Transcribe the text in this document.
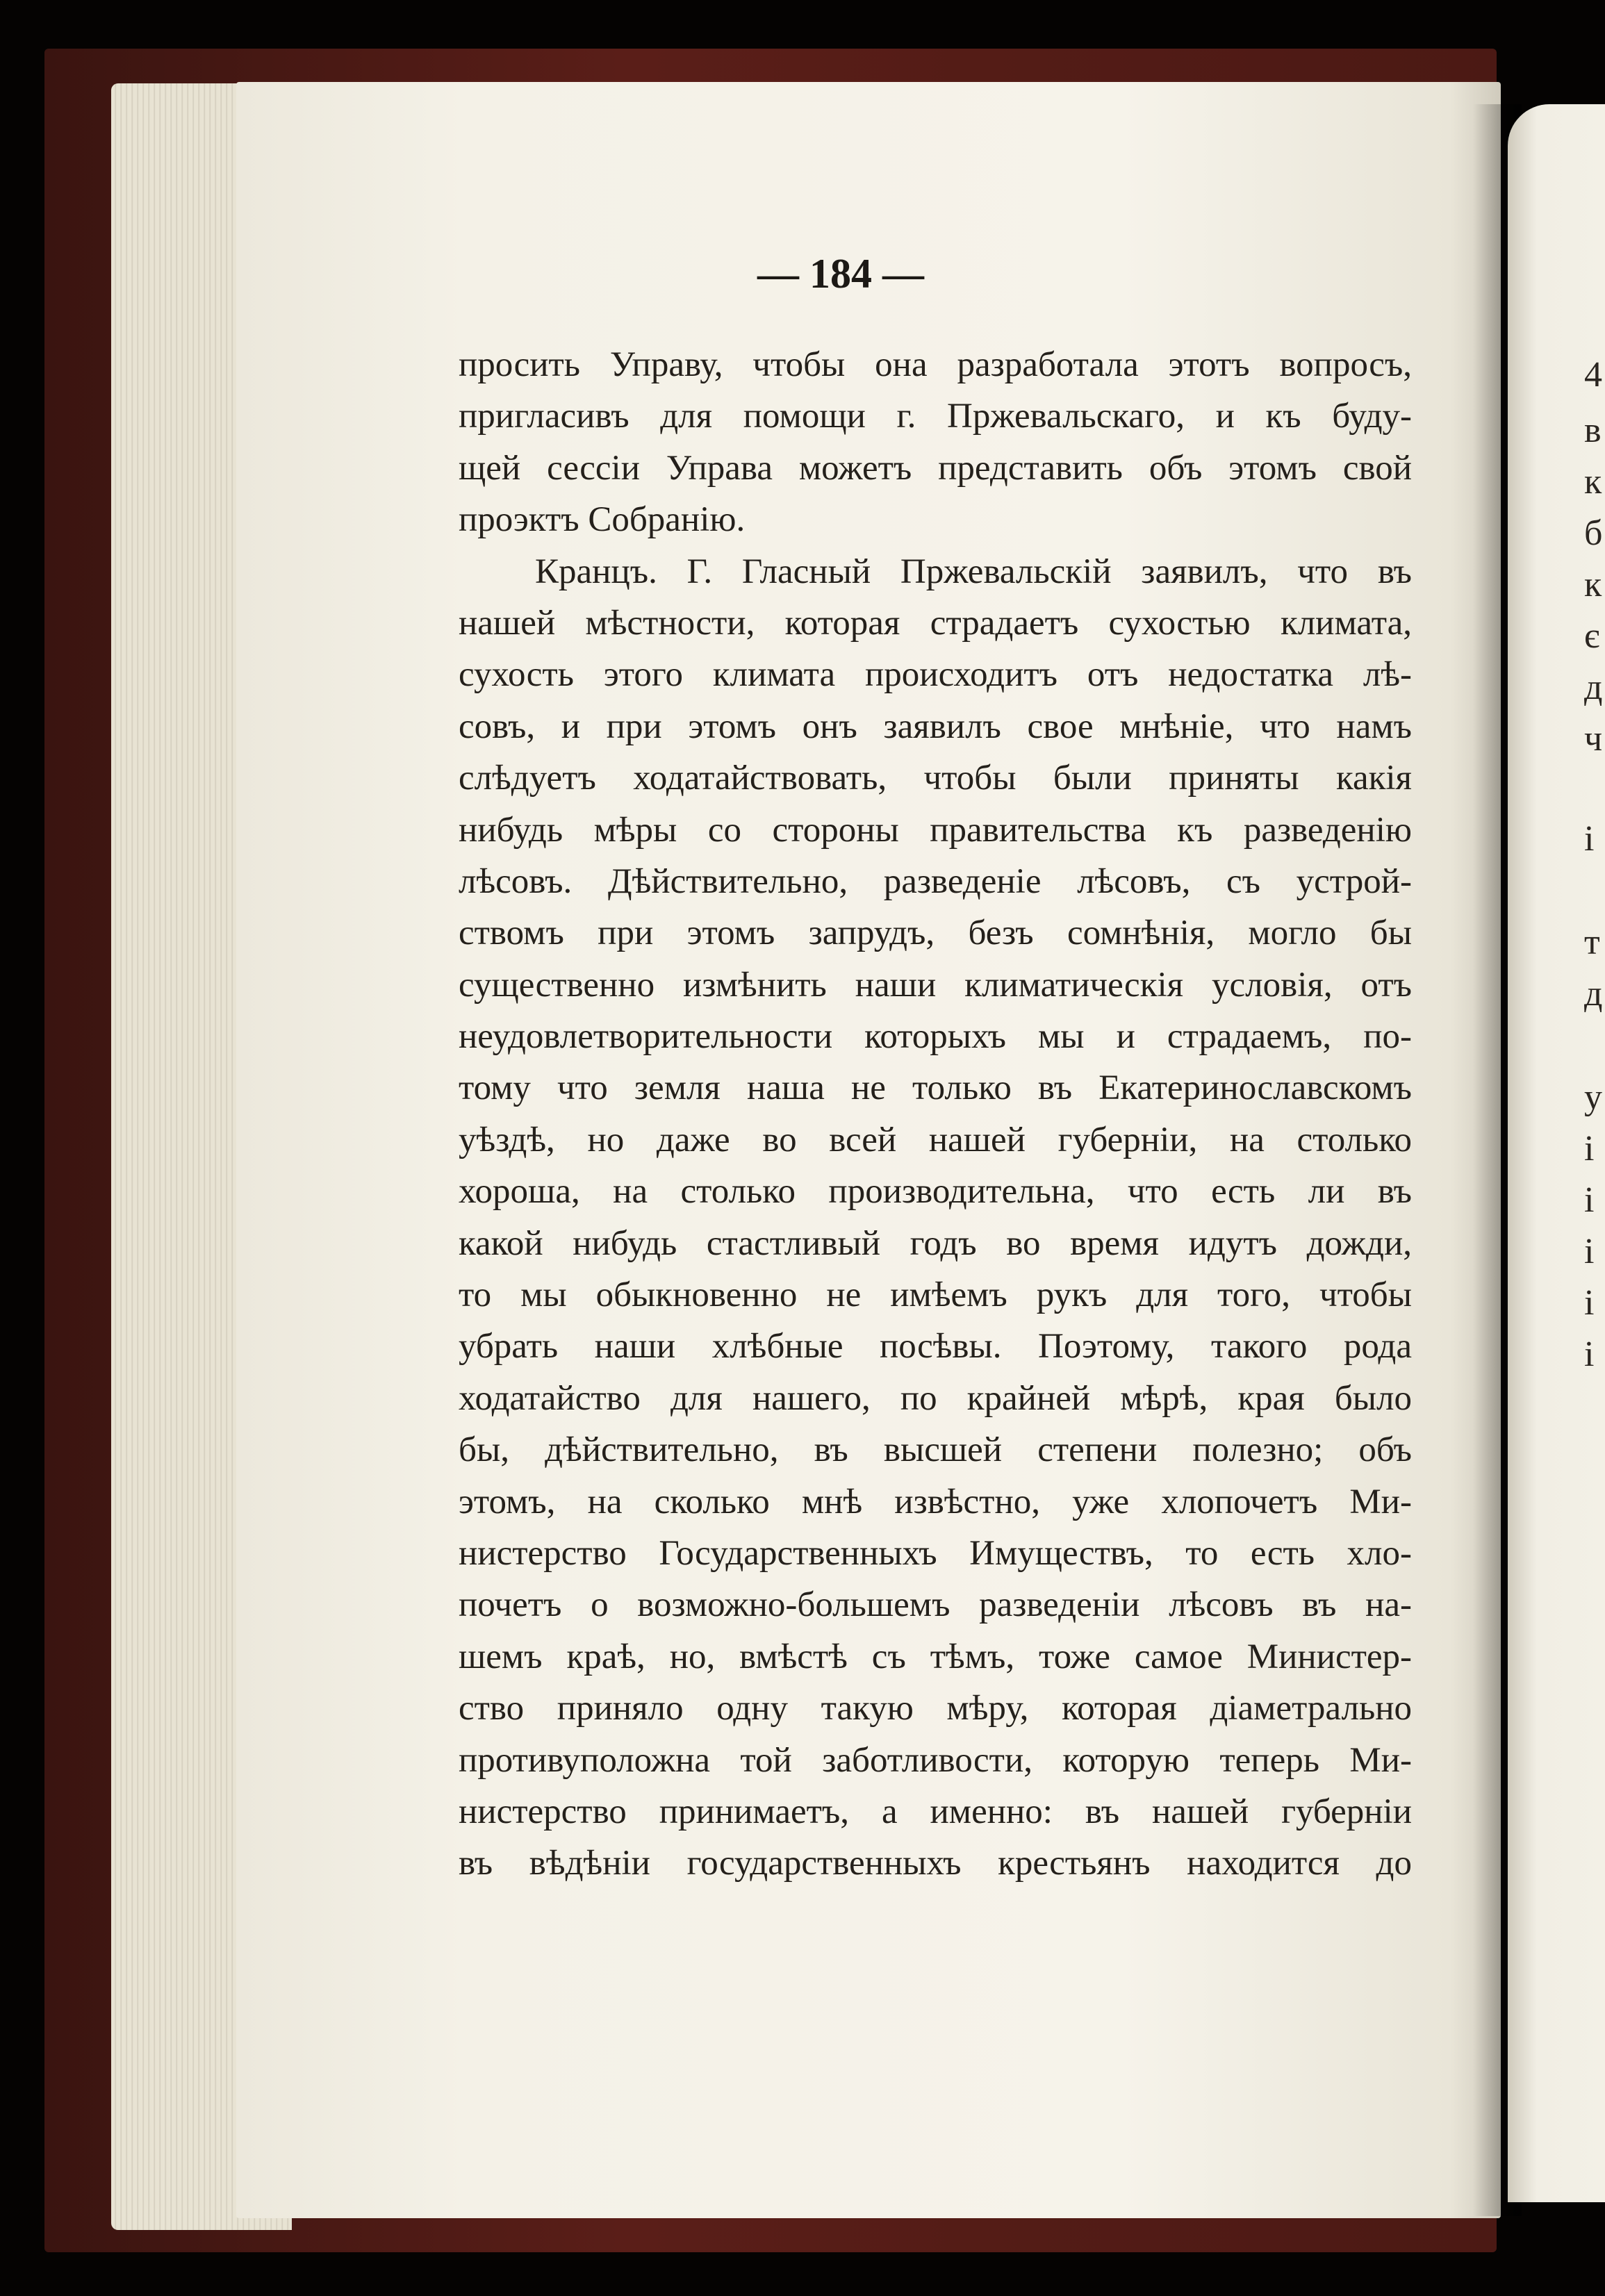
4
в
к
б
к
є
д
ч
і
т
д
у
і
і
і
і
і
— 184 —
просить Управу, чтобы она разработала этотъ вопросъ,
пригласивъ для помощи г. Пржевальскаго, и къ буду-
щей сессіи Управа можетъ представить объ этомъ свой
проэктъ Собранію.
Кранцъ. Г. Гласный Пржевальскій заявилъ, что въ
нашей мѣстности, которая страдаетъ сухостью климата,
сухость этого климата происходитъ отъ недостатка лѣ-
совъ, и при этомъ онъ заявилъ свое мнѣніе, что намъ
слѣдуетъ ходатайствовать, чтобы были приняты какія
нибудь мѣры со стороны правительства къ разведенію
лѣсовъ. Дѣйствительно, разведеніе лѣсовъ, съ устрой-
ствомъ при этомъ запрудъ, безъ сомнѣнія, могло бы
существенно измѣнить наши климатическія условія, отъ
неудовлетворительности которыхъ мы и страдаемъ, по-
тому что земля наша не только въ Екатеринославскомъ
уѣздѣ, но даже во всей нашей губерніи, на столько
хороша, на столько производительна, что есть ли въ
какой нибудь стастливый годъ во время идутъ дожди,
то мы обыкновенно не имѣемъ рукъ для того, чтобы
убрать наши хлѣбные посѣвы. Поэтому, такого рода
ходатайство для нашего, по крайней мѣрѣ, края было
бы, дѣйствительно, въ высшей степени полезно; объ
этомъ, на сколько мнѣ извѣстно, уже хлопочетъ Ми-
нистерство Государственныхъ Имуществъ, то есть хло-
почетъ о возможно-большемъ разведеніи лѣсовъ въ на-
шемъ краѣ, но, вмѣстѣ съ тѣмъ, тоже самое Министер-
ство приняло одну такую мѣру, которая діаметрально
противуположна той заботливости, которую теперь Ми-
нистерство принимаетъ, а именно: въ нашей губерніи
въ вѣдѣніи государственныхъ крестьянъ находится до
